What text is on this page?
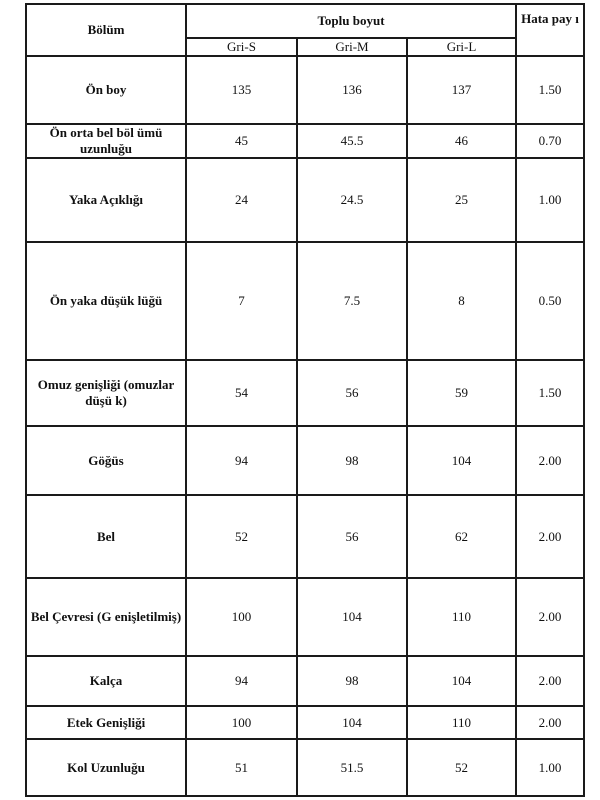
Bölüm	Toplu boyut			Hata pay ı
	Gri-S	Gri-M	Gri-L	
Ön boy	135	136	137	1.50
Ön orta bel böl ümü uzunluğu	45	45.5	46	0.70
Yaka Açıklığı	24	24.5	25	1.00
Ön yaka düşük lüğü	7	7.5	8	0.50
Omuz genişliği (omuzlar düşü k)	54	56	59	1.50
Göğüs	94	98	104	2.00
Bel	52	56	62	2.00
Bel Çevresi (G enişletilmiş)	100	104	110	2.00
Kalça	94	98	104	2.00
Etek Genişliği	100	104	110	2.00
Kol Uzunluğu	51	51.5	52	1.00
